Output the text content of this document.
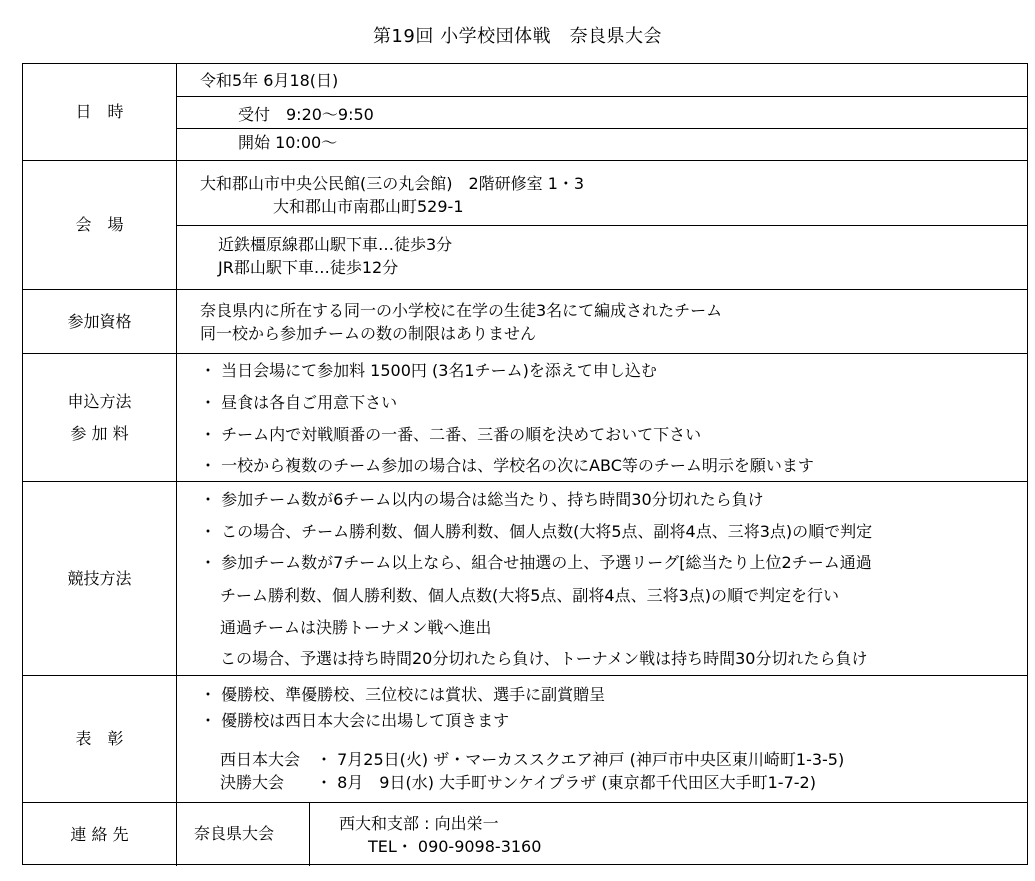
第19回 小学校団体戦　奈良県大会
日　時
令和5年 6月18(日)
受付　9:20～9:50
開始 10:00～
会　場
大和郡山市中央公民館(三の丸会館)　2階研修室 1・3
大和郡山市南郡山町529-1
近鉄橿原線郡山駅下車…徒歩3分
JR郡山駅下車…徒歩12分
参加資格
奈良県内に所在する同一の小学校に在学の生徒3名にて編成されたチーム
同一校から参加チームの数の制限はありません
申込方法
参 加 料
・ 当日会場にて参加料 1500円 (3名1チーム)を添えて申し込む
・ 昼食は各自ご用意下さい
・ チーム内で対戦順番の一番、二番、三番の順を決めておいて下さい
・ 一校から複数のチーム参加の場合は、学校名の次にABC等のチーム明示を願います
競技方法
・ 参加チーム数が6チーム以内の場合は総当たり、持ち時間30分切れたら負け
・ この場合、チーム勝利数、個人勝利数、個人点数(大将5点、副将4点、三将3点)の順で判定
・ 参加チーム数が7チーム以上なら、組合せ抽選の上、予選リーグ[総当たり上位2チーム通過
チーム勝利数、個人勝利数、個人点数(大将5点、副将4点、三将3点)の順で判定を行い
通過チームは決勝トーナメン戦へ進出
この場合、予選は持ち時間20分切れたら負け、トーナメン戦は持ち時間30分切れたら負け
表　彰
・ 優勝校、準優勝校、三位校には賞状、選手に副賞贈呈
・ 優勝校は西日本大会に出場して頂きます
西日本大会　・ 7月25日(火) ザ・マーカススクエア神戸 (神戸市中央区東川崎町1-3-5)
決勝大会　　・ 8月　9日(水) 大手町サンケイプラザ (東京都千代田区大手町1-7-2)
連 絡 先	奈良県大会
西大和支部 : 向出栄一
TEL・ 090-9098-3160
